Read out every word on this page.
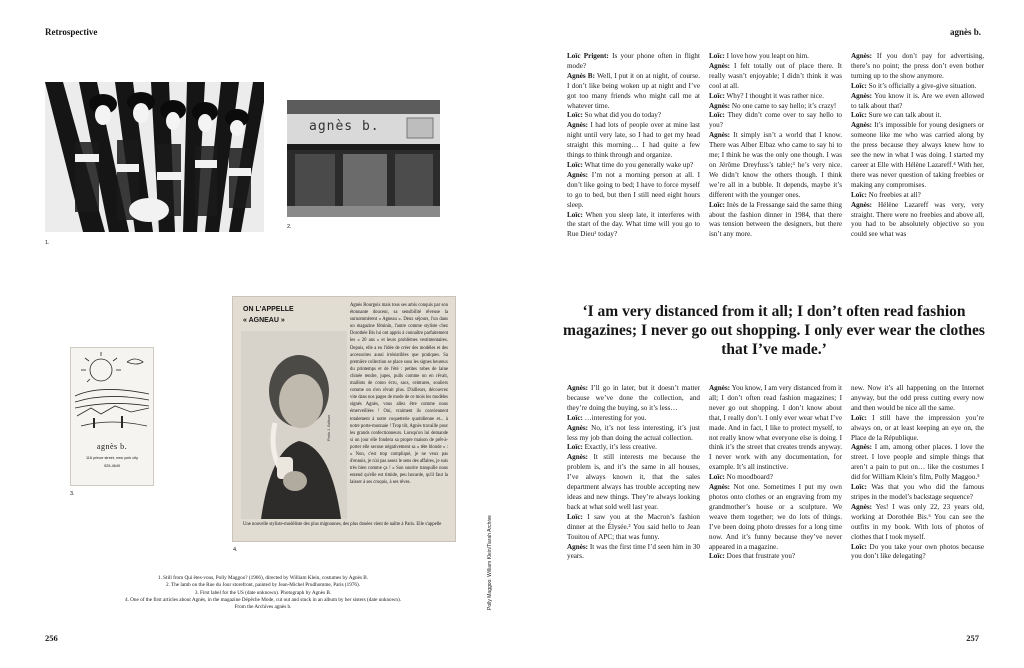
Retrospective	agnès b.
1.
agnès b.
2.
agnès b.
116 prince street, new york city
925-4649
3.
ON L'APPELLE
« AGNEAU »
Photo J. Sullivan
Agnès Bourgois mais tous ses amis conquis par son étonnante douceur, sa sensibilité rêveuse la surnommèrent « Agneau ». Deux séjours, l'un dans un magazine féminin, l'autre comme styliste chez Dorothée Bis lui ont appris à connaître parfaitement les « 20 ans » et leurs problèmes vestimentaires. Depuis, elle a eu l'idée de créer des modèles et des accessoires aussi irrésistibles que pratiques. Sa première collection se place sous les signes heureux du printemps et de l'été : petites robes de laine chinée tendre, jupes, pulls comme on en rêvait, maillots de coton écru, sacs, ceintures, souliers comme on n'en rêvait plus. D'ailleurs, découvrez vite dans nos pages de mode de ce mois les modèles signés Agnès, vous allez être comme nous émerveillées ! Oui, vraiment ils conviennent totalement à notre coquetterie quotidienne et... à notre porte-monnaie ! Trop tôt, Agnès travaille pour les grands confectionneurs. Lorsqu'on lui demande si un jour elle fondera sa propre maison de prêt-à-porter elle secoue négativement sa « tête blonde » : « Non, c'est trop compliqué, je ne veux pas d'ennuis, je n'ai pas assez le sens des affaires, je suis très bien comme ça ! » Son sourire tranquille nous entend qu'elle est timide, peu bavarde, qu'il faut la laisser à ses croquis, à ses rêves.
Une nouvelle styliste-modéliste des plus mignonnes, des plus douées vient de naître à Paris. Elle s'appelle
4.

1. Still from Qui êtes-vous, Polly Maggoo? (1966), directed by William Klein, costumes by Agnès B.

2. The lamb on the Rue du Jour storefront, painted by Jean-Michel Prudhomme, Paris (1976).

3. First label for the US (date unknown). Photograph by Agnès B.

4. One of the first articles about Agnès, in the magazine Dépêche Mode, cut out and stuck in an album by her sisters (date unknown). From the Archives agnès b.	Polly Maggoo: William Klein/Tiarah Archive
256	257

Loïc Prigent: Is your phone often in flight mode?

Agnès B: Well, I put it on at night, of course. I don’t like being woken up at night and I’ve got too many friends who might call me at whatever time.

Loïc: So what did you do today?

Agnès: I had lots of people over at mine last night until very late, so I had to get my head straight this morning… I had quite a few things to think through and organize.

Loïc: What time do you generally wake up?

Agnès: I’m not a morning person at all. I don’t like going to bed; I have to force myself to go to bed, but then I still need eight hours sleep.

Loïc: When you sleep late, it interferes with the start of the day. What time will you go to Rue Dieu¹ today?

Loïc: I love how you leapt on him.

Agnès: I felt totally out of place there. It really wasn’t enjoyable; I didn’t think it was cool at all.

Loïc: Why? I thought it was rather nice.

Agnès: No one came to say hello; it’s crazy!

Loïc: They didn’t come over to say hello to you?

Agnès: It simply isn’t a world that I know. There was Alber Elbaz who came to say hi to me; I think he was the only one though. I was on Jérôme Dreyfuss’s table;³ he’s very nice. We didn’t know the others though. I think we’re all in a bubble. It depends, maybe it’s different with the younger ones.

Loïc: Inès de la Fressange said the same thing about the fashion dinner in 1984, that there was tension between the designers, but there isn’t any more.

Agnès: If you don’t pay for advertising, there’s no point; the press don’t even bother turning up to the show anymore.

Loïc: So it’s officially a give-give situation.

Agnès: You know it is. Are we even allowed to talk about that?

Loïc: Sure we can talk about it.

Agnès: It’s impossible for young designers or someone like me who was carried along by the press because they always knew how to see the new in what I was doing. I started my career at Elle with Hélène Lazareff.⁴ With her, there was never question of taking freebies or making any compromises.

Loïc: No freebies at all?

Agnès: Hélène Lazareff was very, very straight. There were no freebies and above all, you had to be absolutely objective so you could see what was

‘I am very distanced from it all; I don’t often read fashion magazines; I never go out shopping. I only ever wear the clothes that I’ve made.’

Agnès: I’ll go in later, but it doesn’t matter because we’ve done the collection, and they’re doing the buying, so it’s less…

Loïc: …interesting for you.

Agnès: No, it’s not less interesting, it’s just less my job than doing the actual collection.

Loïc: Exactly, it’s less creative.

Agnès: It still interests me because the problem is, and it’s the same in all houses, I’ve always known it, that the sales department always has trouble accepting new ideas and new things. They’re always looking back at what sold well last year.

Loïc: I saw you at the Macron’s fashion dinner at the Élysée.² You said hello to Jean Touitou of APC; that was funny.

Agnès: It was the first time I’d seen him in 30 years.

Agnès: You know, I am very distanced from it all; I don’t often read fashion magazines; I never go out shopping. I don’t know about that, I really don’t. I only ever wear what I’ve made. And in fact, I like to protect myself, to not really know what everyone else is doing. I think it’s the street that creates trends anyway. I never work with any documentation, for example. It’s all instinctive.

Loïc: No moodboard?

Agnès: Not one. Sometimes I put my own photos onto clothes or an engraving from my grandmother’s house or a sculpture. We weave them together; we do lots of things. I’ve been doing photo dresses for a long time now. And it’s funny because they’ve never appeared in a magazine.

Loïc: Does that frustrate you?

new. Now it’s all happening on the Internet anyway, but the odd press cutting every now and then would be nice all the same.

Loïc: I still have the impression you’re always on, or at least keeping an eye on, the Place de la République.

Agnès: I am, among other places. I love the street. I love people and simple things that aren’t a pain to put on… like the costumes I did for William Klein’s film, Polly Maggoo.⁵

Loïc: Was that you who did the famous stripes in the model’s backstage sequence?

Agnès: Yes! I was only 22, 23 years old, working at Dorothée Bis.⁶ You can see the outfits in my book. With lots of photos of clothes that I took myself.

Loïc: Do you take your own photos because you don’t like delegating?
